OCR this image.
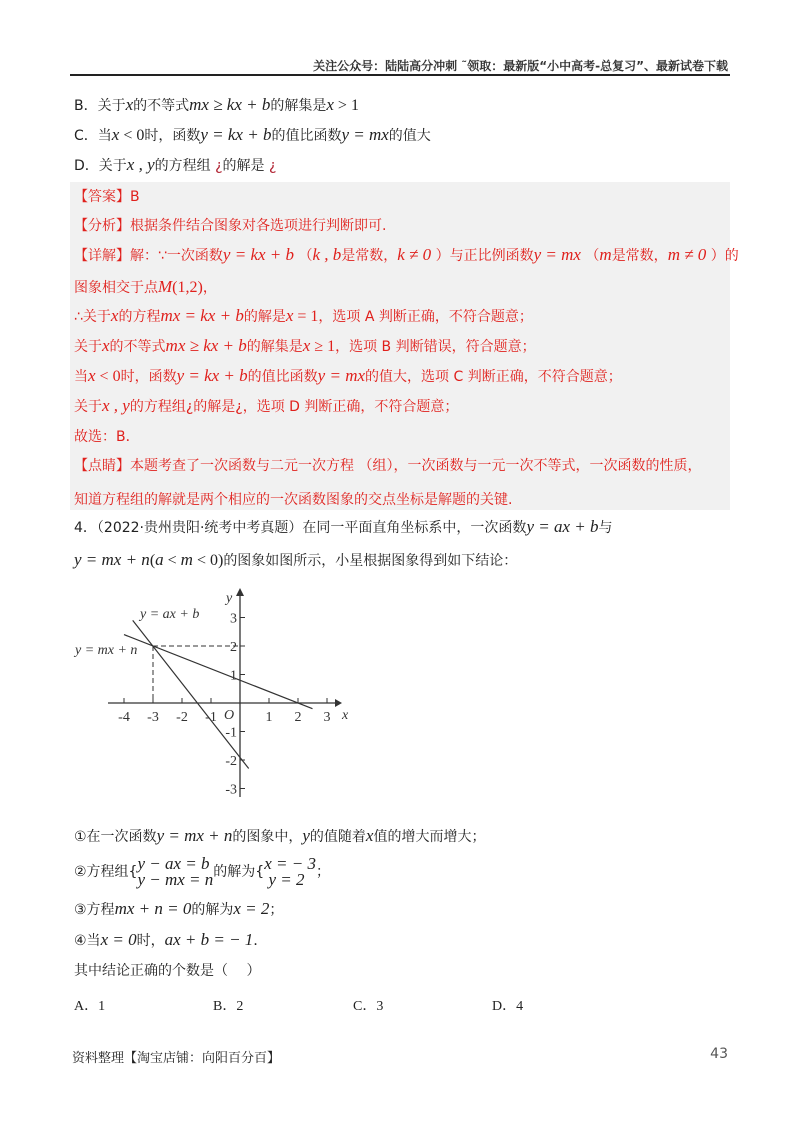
关注公众号：陆陆高分冲刺 ˜领取：最新版“小中高考-总复习”、最新试卷下载
B．关于x的不等式mx ≥ kx + b的解集是x > 1
C．当x < 0时，函数y = kx + b的值比函数y = mx的值大
D．关于x , y的方程组 ¿的解是 ¿
【答案】B
【分析】根据条件结合图象对各选项进行判断即可.
【详解】解：∵一次函数y = kx + b （k , b是常数，k ≠ 0 ）与正比例函数y = mx （m是常数，m ≠ 0 ）的
图象相交于点M(1,2)，
∴关于x的方程mx = kx + b的解是x = 1，选项 A 判断正确，不符合题意；
关于x的不等式mx ≥ kx + b的解集是x ≥ 1，选项 B 判断错误，符合题意；
当x < 0时，函数y = kx + b的值比函数y = mx的值大，选项 C 判断正确，不符合题意；
关于x , y的方程组¿的解是¿，选项 D 判断正确，不符合题意；
故选：B．
【点睛】本题考查了一次函数与二元一次方程 （组），一次函数与一元一次不等式，一次函数的性质，
知道方程组的解就是两个相应的一次函数图象的交点坐标是解题的关键.
4．（2022·贵州贵阳·统考中考真题）在同一平面直角坐标系中，一次函数y = ax + b与
y = mx + n(a < m < 0)的图象如图所示，小星根据图象得到如下结论：
①在一次函数y = mx + n的图象中，y的值随着x值的增大而增大；
③方程mx + n = 0的解为x = 2；
④当x = 0时，ax + b = − 1．
其中结论正确的个数是（　 ）
②方程组{y − ax = b
y − mx = n的解为{x = − 3
y = 2 ；
-4 -3 -2 -1	1 2 3
-3
-2
-1
1
2
3
y = ax + b
y = mx + n
x
y
O
A．1	B．2	C．3	D．4
资料整理【淘宝店铺：向阳百分百】	43
